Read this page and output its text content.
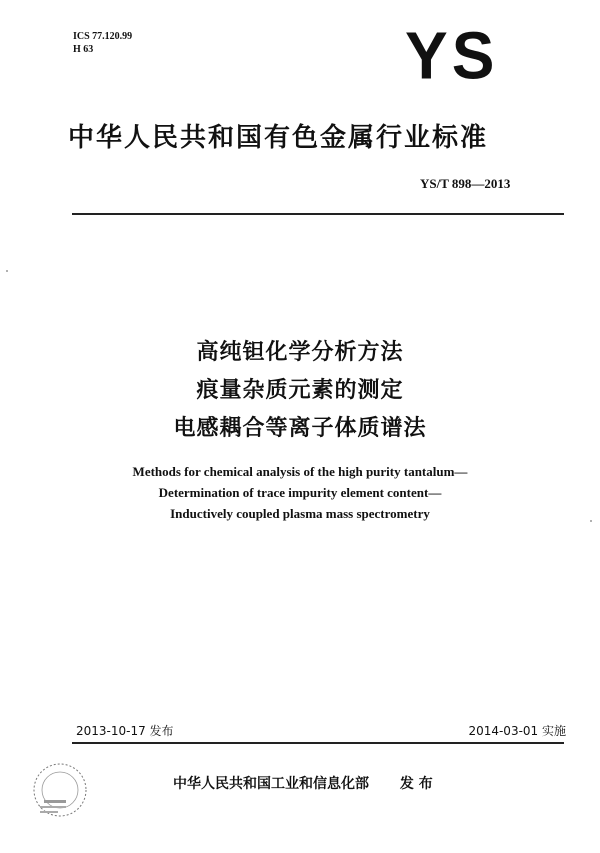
ICS 77.120.99
H 63	YS
中华人民共和国有色金属行业标准
YS/T 898—2013
高纯钽化学分析方法
痕量杂质元素的测定
电感耦合等离子体质谱法
Methods for chemical analysis of the high purity tantalum—
Determination of trace impurity element content—
Inductively coupled plasma mass spectrometry
2013-10-17 发布	2014-03-01 实施
中华人民共和国工业和信息化部 发 布
